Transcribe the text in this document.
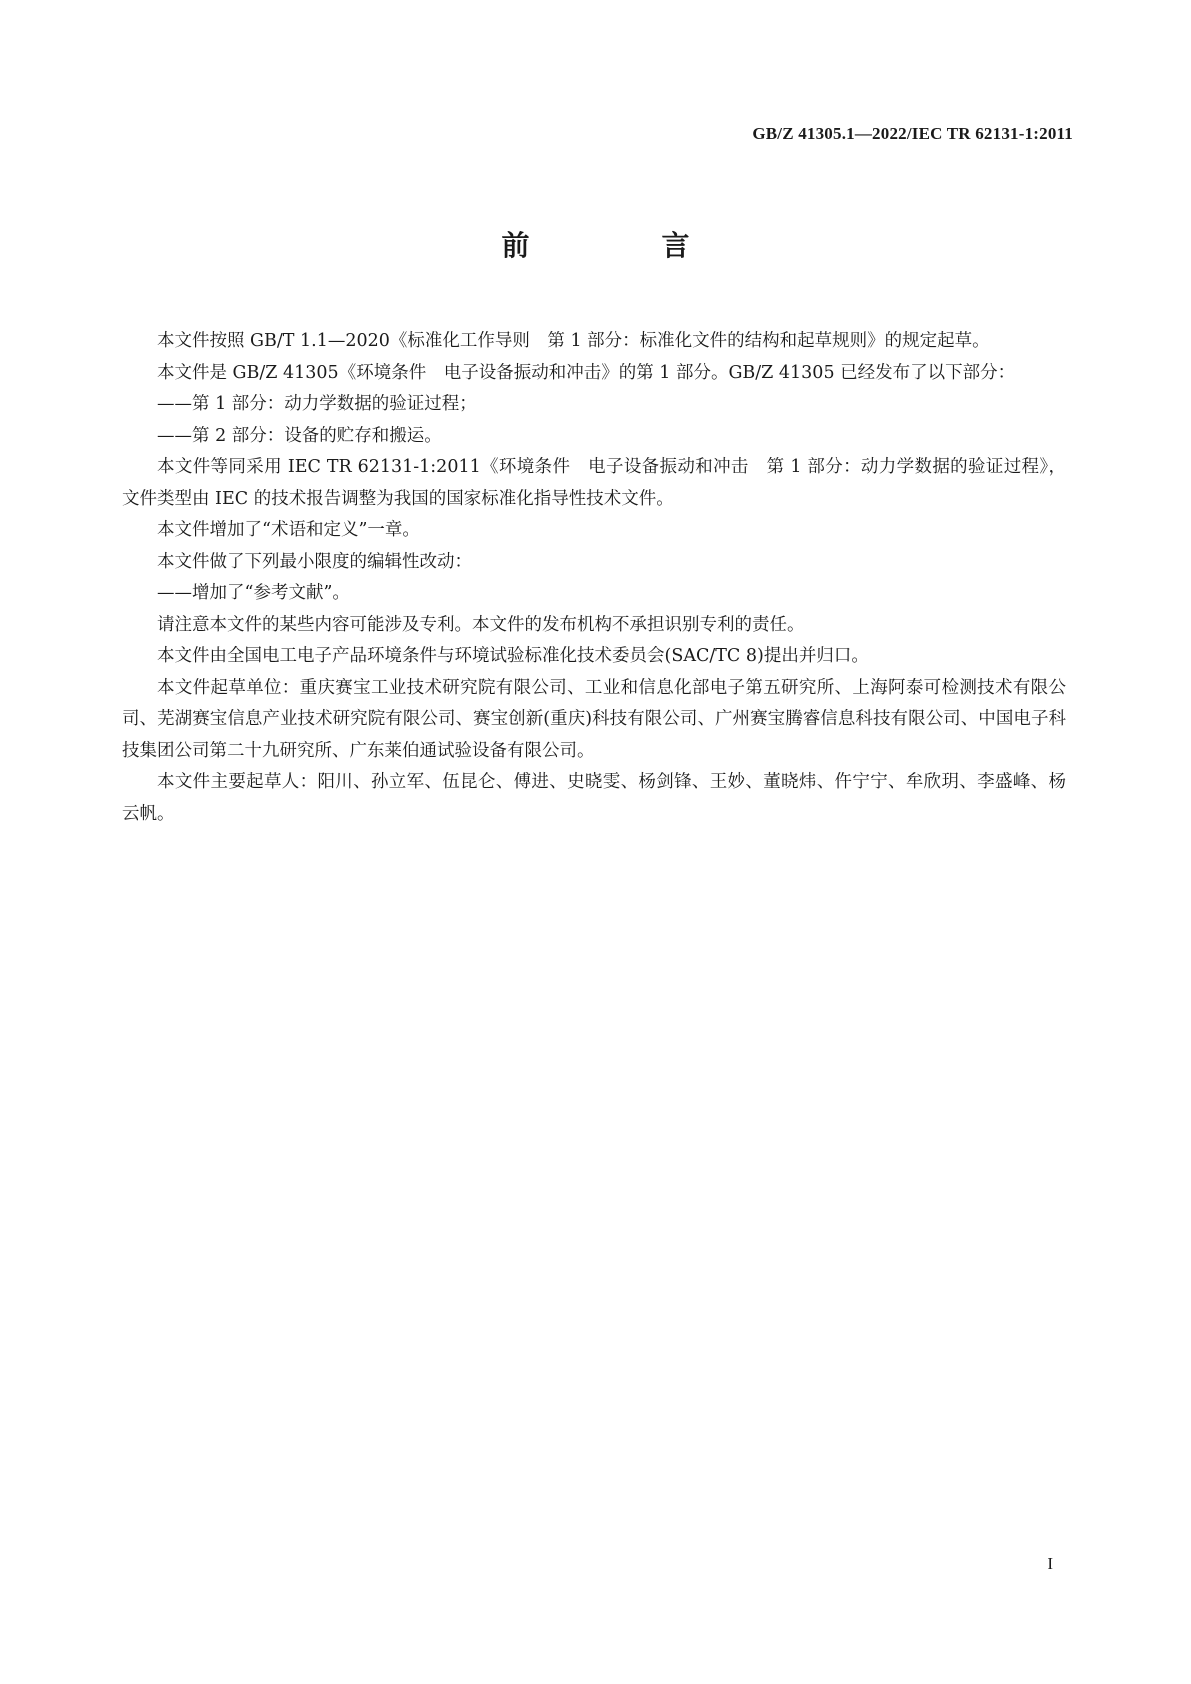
GB/Z 41305.1—2022/IEC TR 62131-1:2011
前　言

本文件按照 GB/T 1.1—2020《标准化工作导则　第 1 部分：标准化文件的结构和起草规则》的规定起草。

本文件是 GB/Z 41305《环境条件　电子设备振动和冲击》的第 1 部分。GB/Z 41305 已经发布了以下部分：

——第 1 部分：动力学数据的验证过程；

——第 2 部分：设备的贮存和搬运。

本文件等同采用 IEC TR 62131-1:2011《环境条件　电子设备振动和冲击　第 1 部分：动力学数据的验证过程》，文件类型由 IEC 的技术报告调整为我国的国家标准化指导性技术文件。

本文件增加了“术语和定义”一章。

本文件做了下列最小限度的编辑性改动：

——增加了“参考文献”。

请注意本文件的某些内容可能涉及专利。本文件的发布机构不承担识别专利的责任。

本文件由全国电工电子产品环境条件与环境试验标准化技术委员会(SAC/TC 8)提出并归口。

本文件起草单位：重庆赛宝工业技术研究院有限公司、工业和信息化部电子第五研究所、上海阿泰可检测技术有限公司、芜湖赛宝信息产业技术研究院有限公司、赛宝创新(重庆)科技有限公司、广州赛宝腾睿信息科技有限公司、中国电子科技集团公司第二十九研究所、广东莱伯通试验设备有限公司。

本文件主要起草人：阳川、孙立军、伍昆仑、傅进、史晓雯、杨剑锋、王妙、董晓炜、仵宁宁、牟欣玥、李盛峰、杨云帆。

I
